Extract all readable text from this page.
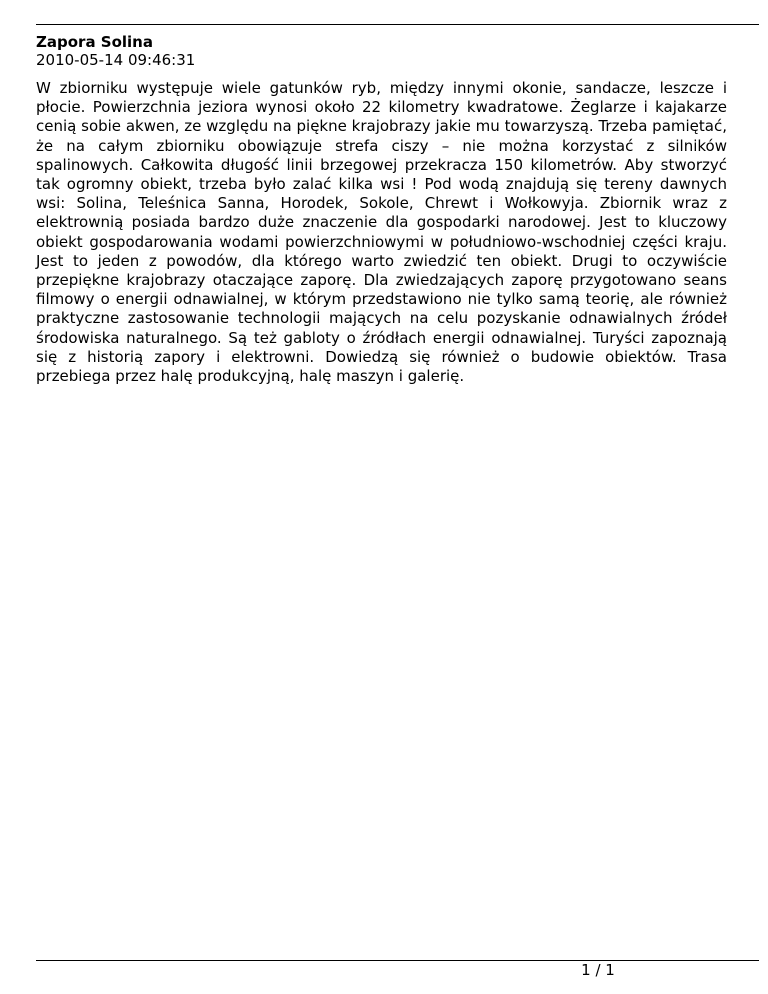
Zapora Solina
2010-05-14 09:46:31

W zbiorniku występuje wiele gatunków ryb, między innymi okonie, sandacze, leszcze i płocie. Powierzchnia jeziora wynosi około 22 kilometry kwadratowe. Żeglarze i kajakarze cenią sobie akwen, ze względu na piękne krajobrazy jakie mu towarzyszą. Trzeba pamiętać, że na całym zbiorniku obowiązuje strefa ciszy – nie można korzystać z silników spalinowych. Całkowita długość linii brzegowej przekracza 150 kilometrów. Aby stworzyć tak ogromny obiekt, trzeba było zalać kilka wsi ! Pod wodą znajdują się tereny dawnych wsi: Solina, Teleśnica Sanna, Horodek, Sokole, Chrewt i Wołkowyja. Zbiornik wraz z elektrownią posiada bardzo duże znaczenie dla gospodarki narodowej. Jest to kluczowy obiekt gospodarowania wodami powierzchniowymi w południowo-wschodniej części kraju. Jest to jeden z powodów, dla którego warto zwiedzić ten obiekt. Drugi to oczywiście przepiękne krajobrazy otaczające zaporę. Dla zwiedzających zaporę przygotowano seans filmowy o energii odnawialnej, w którym przedstawiono nie tylko samą teorię, ale również praktyczne zastosowanie technologii mających na celu pozyskanie odnawialnych źródeł środowiska naturalnego. Są też gabloty o źródłach energii odnawialnej. Turyści zapoznają się z historią zapory i elektrowni. Dowiedzą się również o budowie obiektów. Trasa przebiega przez halę produkcyjną, halę maszyn i galerię.

1 / 1
